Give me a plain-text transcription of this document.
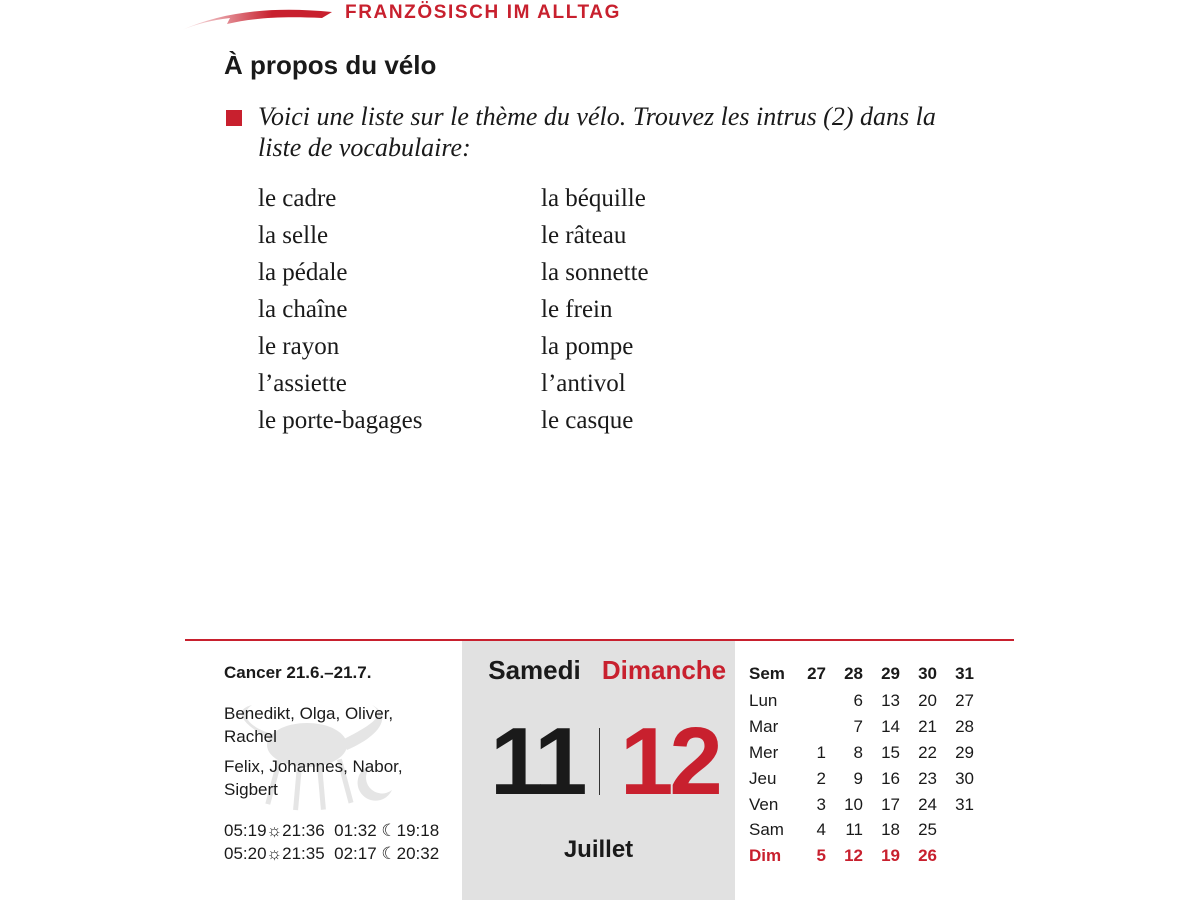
FRANZÖSISCH IM ALLTAG
À propos du vélo
Voici une liste sur le thème du vélo. Trouvez les intrus (2) dans la liste de vocabulaire:
le cadre
la selle
la pédale
la chaîne
le rayon
l’assiette
le porte-bagages
la béquille
le râteau
la sonnette
le frein
la pompe
l’antivol
le casque
Cancer 21.6.–21.7.
Benedikt, Olga, Oliver, Rachel
Felix, Johannes, Nabor, Sigbert
05:19☼21:36  01:32 ☾19:18
05:20☼21:35  02:17 ☾20:32
Samedi Dimanche
11 12
Juillet
Sem	27	28	29	30	31
Lun		6	13	20	27
Mar		7	14	21	28
Mer	1	8	15	22	29
Jeu	2	9	16	23	30
Ven	3	10	17	24	31
Sam	4	11	18	25	
Dim	5	12	19	26	
